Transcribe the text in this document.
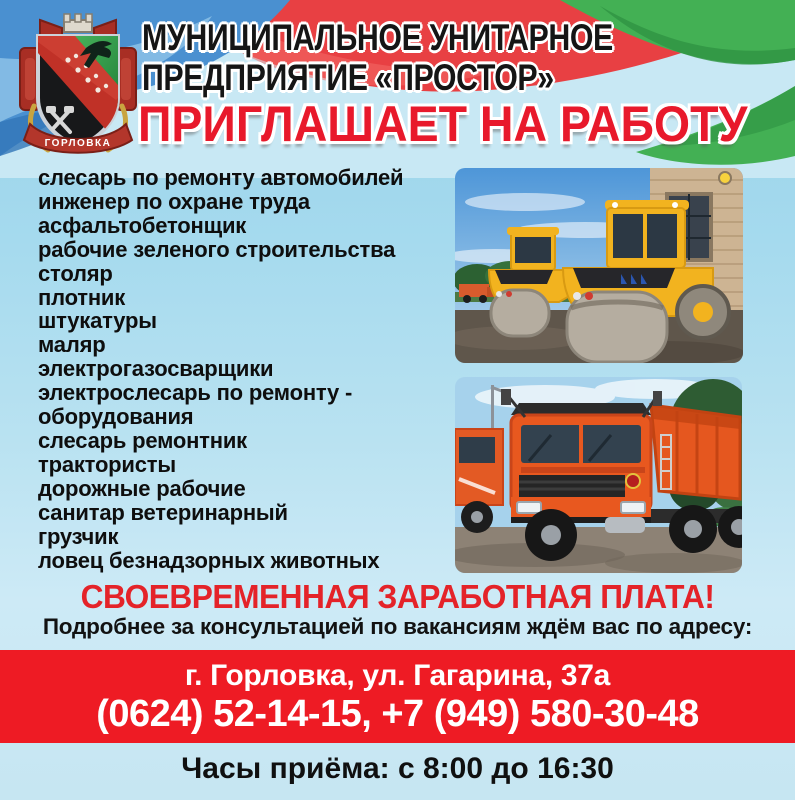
ГОРЛОВКА
МУНИЦИПАЛЬНОЕ УНИТАРНОЕ
ПРЕДПРИЯТИЕ «ПРОСТОР»
ПРИГЛАШАЕТ НА РАБОТУ
слесарь по ремонту автомобилей
инженер по охране труда
асфальтобетонщик
рабочие зеленого строительства
столяр
плотник
штукатуры
маляр
электрогазосварщики
электрослесарь по ремонту -
оборудования
слесарь ремонтник
трактористы
дорожные рабочие
санитар ветеринарный
грузчик
ловец безнадзорных животных
СВОЕВРЕМЕННАЯ ЗАРАБОТНАЯ ПЛАТА!
Подробнее за консультацией по вакансиям ждём вас по адресу:
г. Горловка, ул. Гагарина, 37а
(0624) 52-14-15, +7 (949) 580-30-48
Часы приёма: с 8:00 до 16:30
